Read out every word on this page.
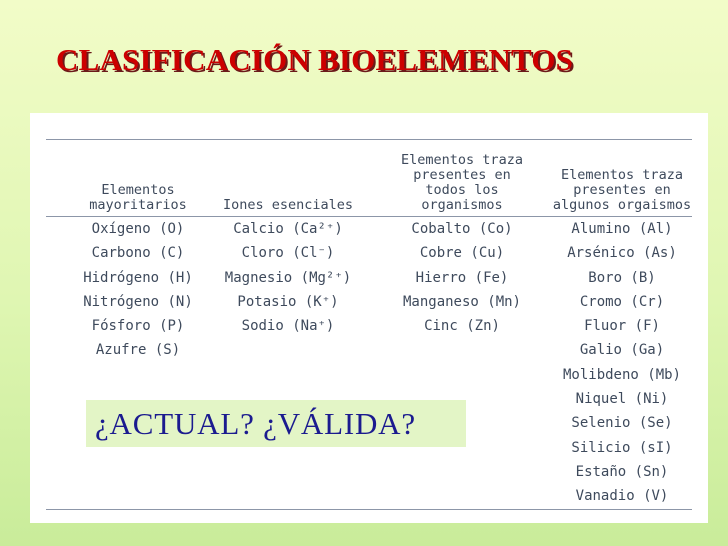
CLASIFICACIÓN BIOELEMENTOS
Elementos
mayoritarios
Oxígeno (O)
Carbono (C)
Hidrógeno (H)
Nitrógeno (N)
Fósforo (P)
Azufre (S)
Iones esenciales
Calcio (Ca²⁺)
Cloro (Cl⁻)
Magnesio (Mg²⁺)
Potasio (K⁺)
Sodio (Na⁺)
Elementos traza
presentes en
todos los
organismos
Cobalto (Co)
Cobre (Cu)
Hierro (Fe)
Manganeso (Mn)
Cinc (Zn)
Elementos traza
presentes en
algunos orgaismos
Alumino (Al)
Arsénico (As)
Boro (B)
Cromo (Cr)
Fluor (F)
Galio (Ga)
Molibdeno (Mb)
Niquel (Ni)
Selenio (Se)
Silicio (sI)
Estaño (Sn)
Vanadio (V)
¿ACTUAL? ¿VÁLIDA?
